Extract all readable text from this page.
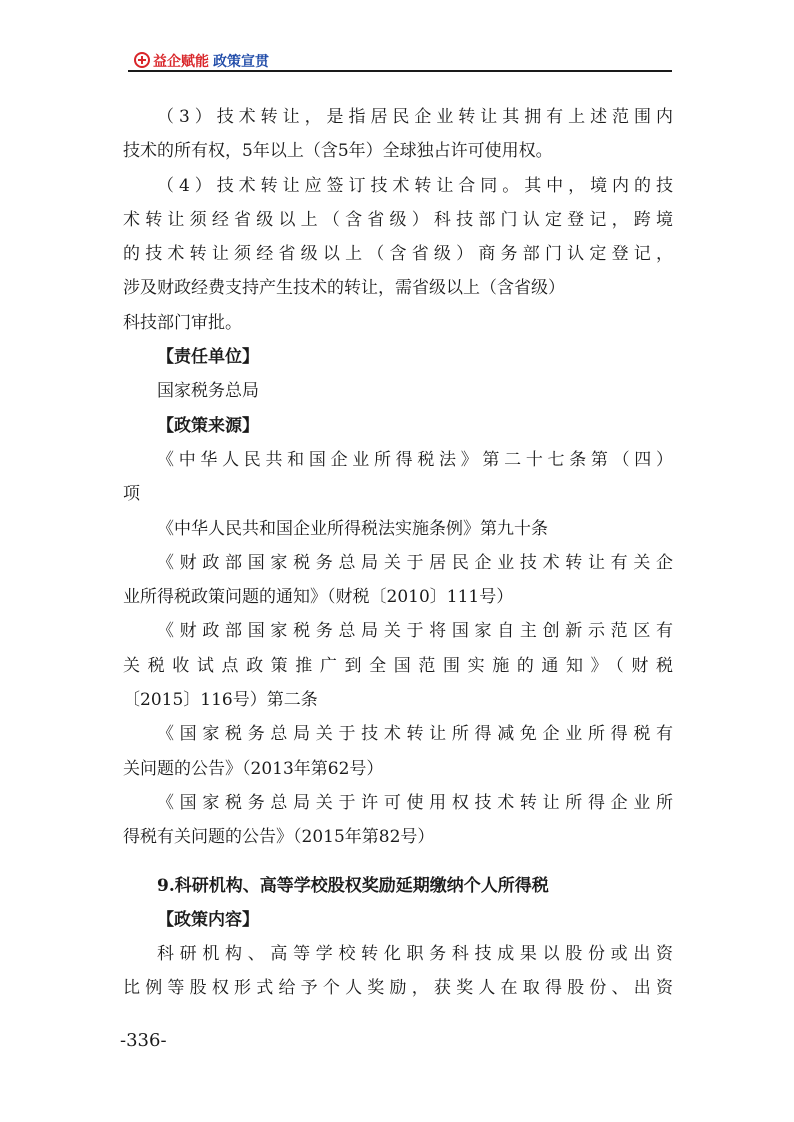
益企赋能 政策宣贯
（3）技术转让，是指居民企业转让其拥有上述范围内
技术的所有权，5年以上（含5年）全球独占许可使用权。
（4）技术转让应签订技术转让合同。其中，境内的技
术转让须经省级以上（含省级）科技部门认定登记，跨境
的技术转让须经省级以上（含省级）商务部门认定登记，
涉及财政经费支持产生技术的转让，需省级以上（含省级）
科技部门审批。
【责任单位】
国家税务总局
【政策来源】
《中华人民共和国企业所得税法》第二十七条第（四）
项
《中华人民共和国企业所得税法实施条例》第九十条
《财政部国家税务总局关于居民企业技术转让有关企
业所得税政策问题的通知》（财税〔2010〕111号）
《财政部国家税务总局关于将国家自主创新示范区有
关税收试点政策推广到全国范围实施的通知》（财税
〔2015〕116号）第二条
《国家税务总局关于技术转让所得减免企业所得税有
关问题的公告》（2013年第62号）
《国家税务总局关于许可使用权技术转让所得企业所
得税有关问题的公告》（2015年第82号）
9.科研机构、高等学校股权奖励延期缴纳个人所得税
【政策内容】
科研机构、高等学校转化职务科技成果以股份或出资
比例等股权形式给予个人奖励，获奖人在取得股份、出资
-336-
